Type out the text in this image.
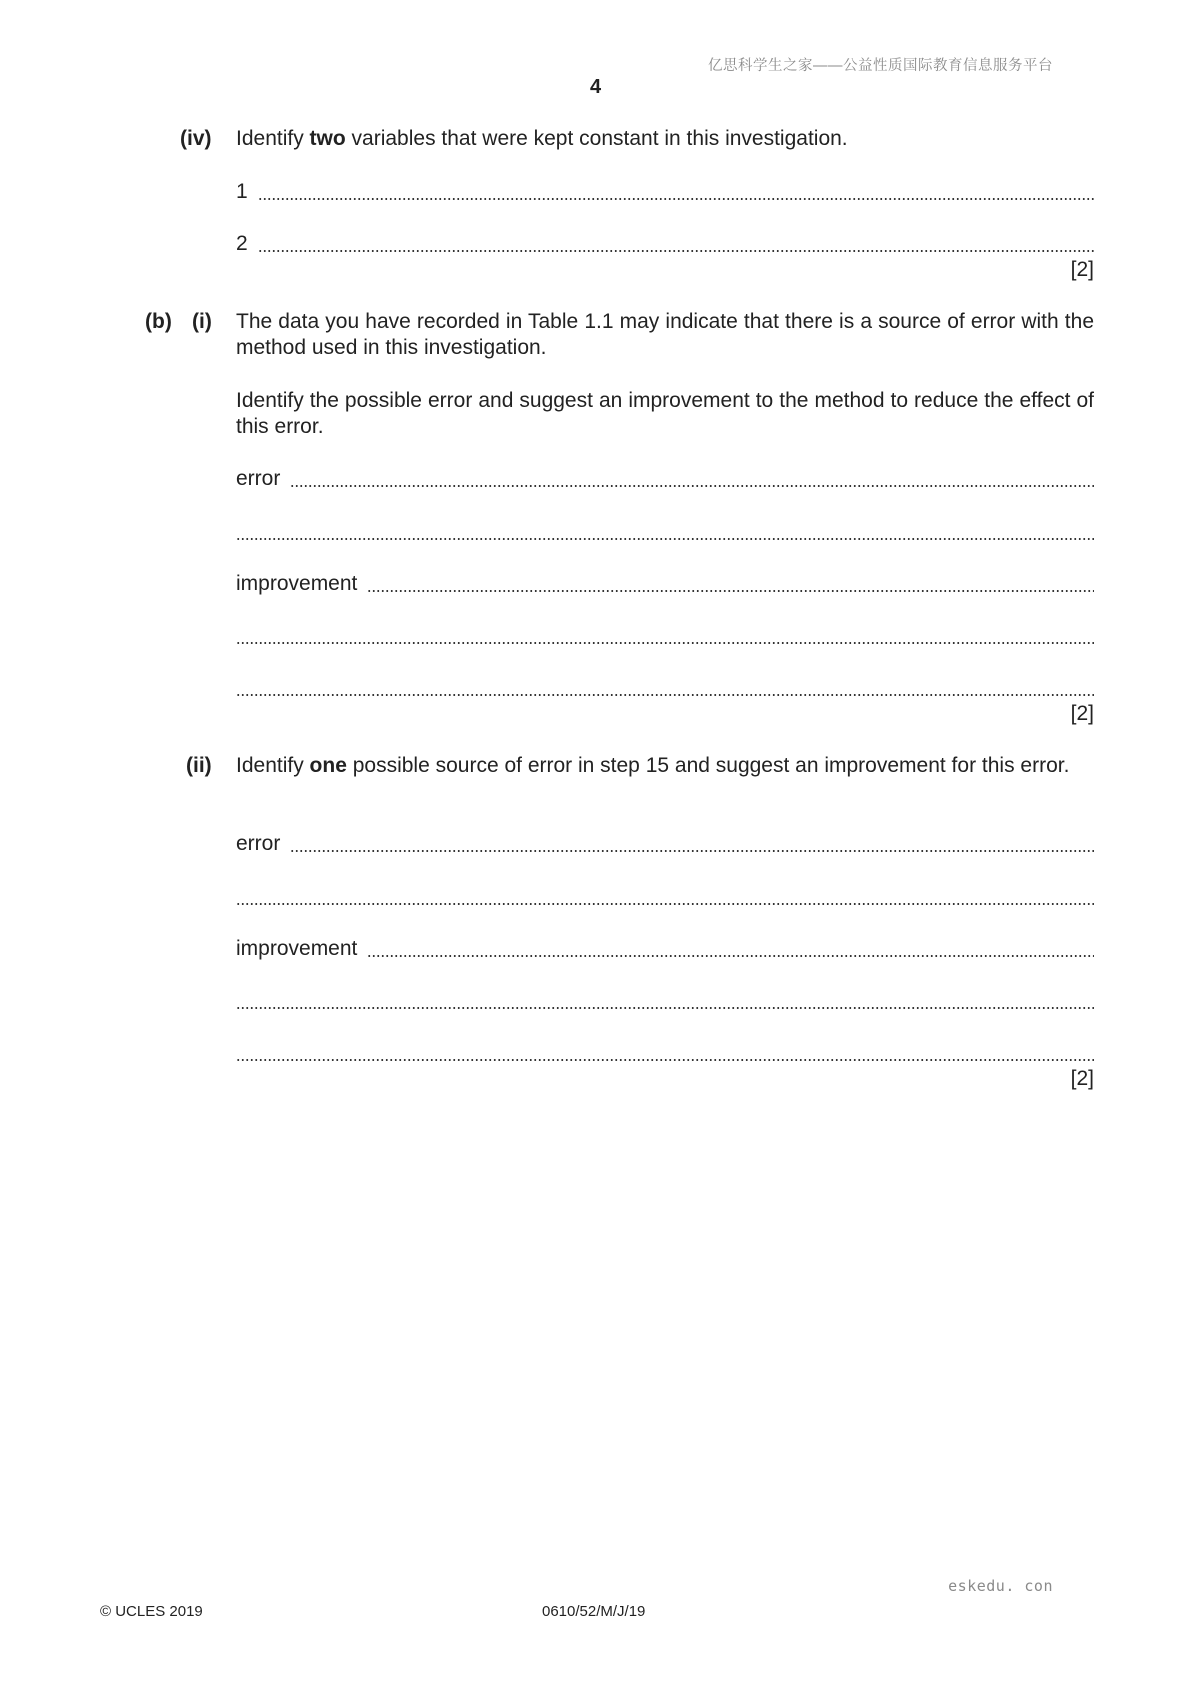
亿思科学生之家——公益性质国际教育信息服务平台
4
(iv) Identify two variables that were kept constant in this investigation.
1
2
[2]
(b) (i) The data you have recorded in Table 1.1 may indicate that there is a source of error with the method used in this investigation.
Identify the possible error and suggest an improvement to the method to reduce the effect of this error.
error
improvement
[2]
(ii) Identify one possible source of error in step 15 and suggest an improvement for this error.
error
improvement
[2]
eskedu. con
© UCLES 2019	0610/52/M/J/19
